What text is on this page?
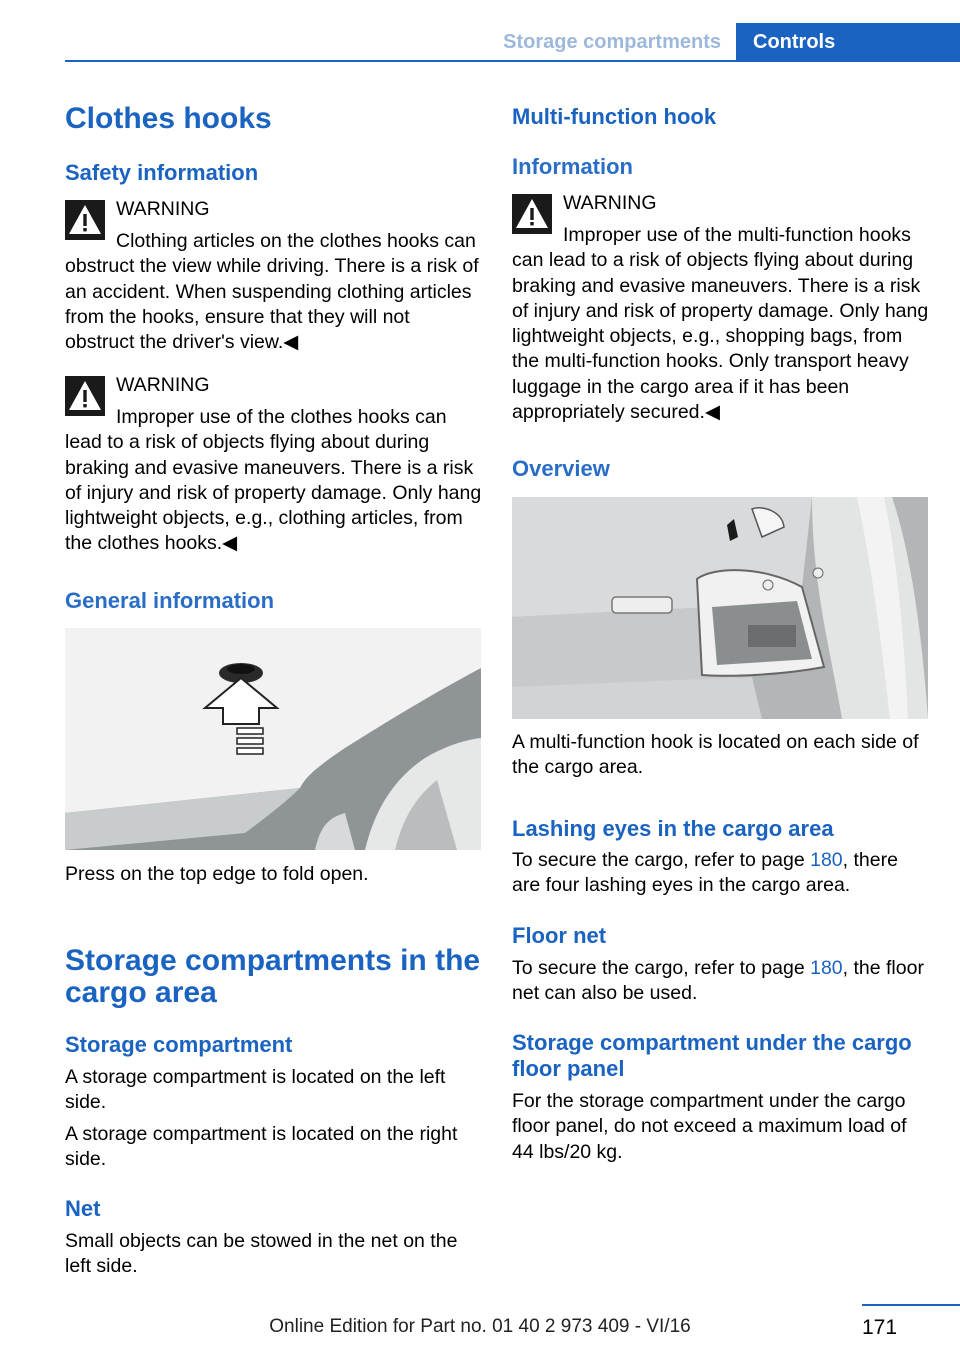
Storage compartments	Controls
Clothes hooks
Safety information
WARNING

Clothing articles on the clothes hooks can obstruct the view while driving. There is a risk of an accident. When suspending clothing articles from the hooks, ensure that they will not obstruct the driver's view.◀

WARNING

Improper use of the clothes hooks can lead to a risk of objects flying about during braking and evasive maneuvers. There is a risk of injury and risk of property damage. Only hang lightweight objects, e.g., clothing articles, from the clothes hooks.◀

General information

Press on the top edge to fold open.

Storage compartments in the cargo area
Storage compartment

A storage compartment is located on the left side.

A storage compartment is located on the right side.

Net

Small objects can be stowed in the net on the left side.

Multi-function hook
Information
WARNING

Improper use of the multi-function hooks can lead to a risk of objects flying about during braking and evasive maneuvers. There is a risk of injury and risk of property damage. Only hang lightweight objects, e.g., shopping bags, from the multi-function hooks. Only transport heavy luggage in the cargo area if it has been appropriately secured.◀

Overview

A multi-function hook is located on each side of the cargo area.

Lashing eyes in the cargo area

To secure the cargo, refer to page 180, there are four lashing eyes in the cargo area.

Floor net

To secure the cargo, refer to page 180, the floor net can also be used.

Storage compartment under the cargo floor panel

For the storage compartment under the cargo floor panel, do not exceed a maximum load of 44 lbs/20 kg.

171
Online Edition for Part no. 01 40 2 973 409 - VI/16
